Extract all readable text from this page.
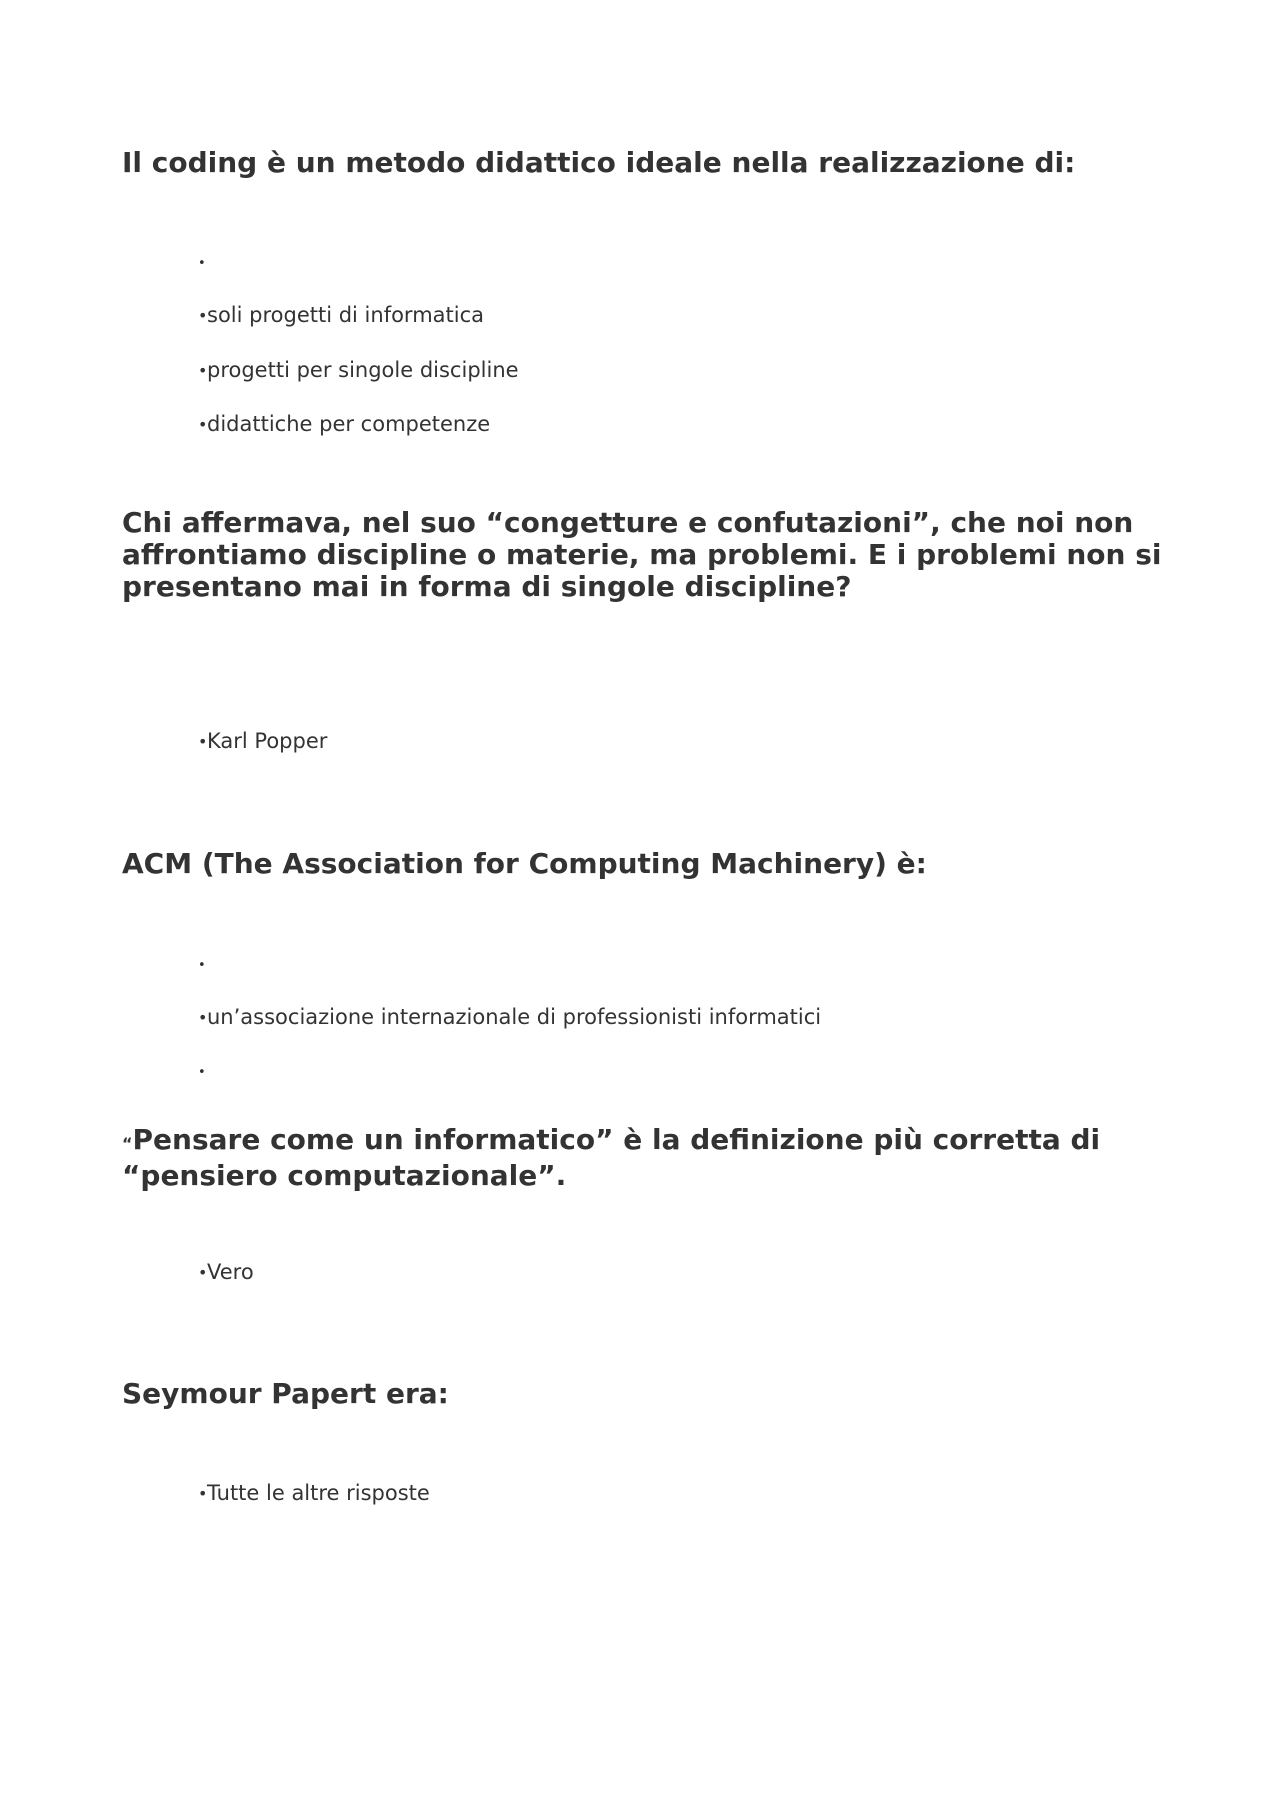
Il coding è un metodo didattico ideale nella realizzazione di:
•
•soli progetti di informatica
•progetti per singole discipline
•didattiche per competenze
Chi affermava, nel suo “congetture e confutazioni”, che noi non affrontiamo discipline o materie, ma problemi. E i problemi non si presentano mai in forma di singole discipline?
•Karl Popper
ACM (The Association for Computing Machinery) è:
•
•un’associazione internazionale di professionisti informatici
•
“Pensare come un informatico” è la definizione più corretta di “pensiero computazionale”.
•Vero
Seymour Papert era:
•Tutte le altre risposte
